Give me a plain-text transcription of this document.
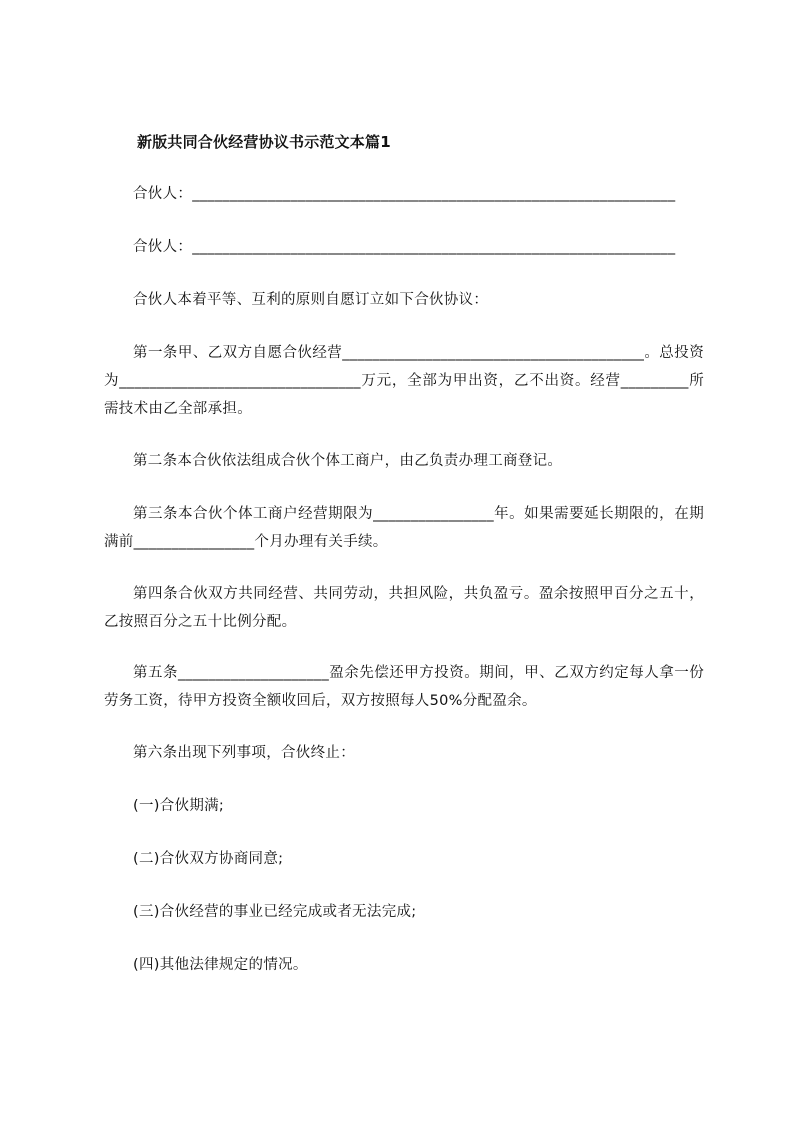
新版共同合伙经营协议书示范文本篇1
合伙人：________________________________________________________________
合伙人：________________________________________________________________
合伙人本着平等、互利的原则自愿订立如下合伙协议：
第一条甲、乙双方自愿合伙经营________________________________________。总投资为________________________________万元，全部为甲出资，乙不出资。经营_________所需技术由乙全部承担。
第二条本合伙依法组成合伙个体工商户，由乙负责办理工商登记。
第三条本合伙个体工商户经营期限为________________年。如果需要延长期限的，在期满前________________个月办理有关手续。
第四条合伙双方共同经营、共同劳动，共担风险，共负盈亏。盈余按照甲百分之五十，乙按照百分之五十比例分配。
第五条____________________盈余先偿还甲方投资。期间，甲、乙双方约定每人拿一份劳务工资，待甲方投资全额收回后，双方按照每人50%分配盈余。
第六条出现下列事项，合伙终止：
(一)合伙期满;
(二)合伙双方协商同意;
(三)合伙经营的事业已经完成或者无法完成;
(四)其他法律规定的情况。
